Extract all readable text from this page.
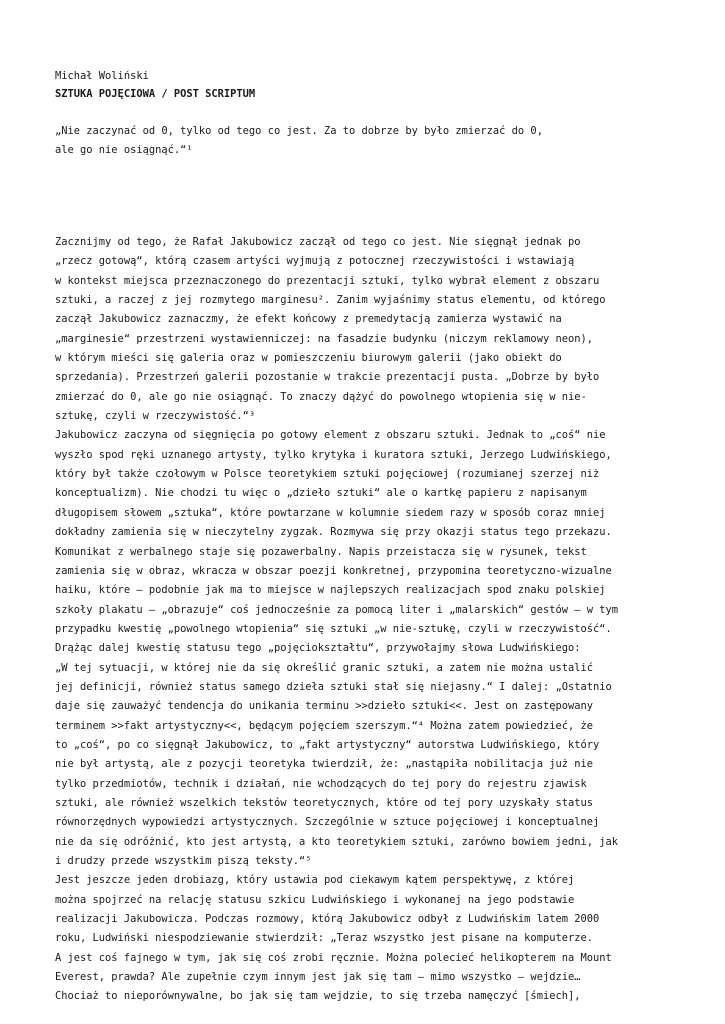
Michał Woliński
SZTUKA POJĘCIOWA / POST SCRIPTUM
„Nie zaczynać od 0, tylko od tego co jest. Za to dobrze by było zmierzać do 0,
ale go nie osiągnąć.“¹
Zacznijmy od tego, że Rafał Jakubowicz zaczął od tego co jest. Nie sięgnął jednak po
„rzecz gotową“, którą czasem artyści wyjmują z potocznej rzeczywistości i wstawiają
w kontekst miejsca przeznaczonego do prezentacji sztuki, tylko wybrał element z obszaru
sztuki, a raczej z jej rozmytego marginesu². Zanim wyjaśnimy status elementu, od którego
zaczął Jakubowicz zaznaczmy, że efekt końcowy z premedytacją zamierza wystawić na
„marginesie“ przestrzeni wystawienniczej: na fasadzie budynku (niczym reklamowy neon),
w którym mieści się galeria oraz w pomieszczeniu biurowym galerii (jako obiekt do
sprzedania). Przestrzeń galerii pozostanie w trakcie prezentacji pusta. „Dobrze by było
zmierzać do 0, ale go nie osiągnąć. To znaczy dążyć do powolnego wtopienia się w nie-
sztukę, czyli w rzeczywistość.“³
Jakubowicz zaczyna od sięgnięcia po gotowy element z obszaru sztuki. Jednak to „coś“ nie
wyszło spod ręki uznanego artysty, tylko krytyka i kuratora sztuki, Jerzego Ludwińskiego,
który był także czołowym w Polsce teoretykiem sztuki pojęciowej (rozumianej szerzej niż
konceptualizm). Nie chodzi tu więc o „dzieło sztuki“ ale o kartkę papieru z napisanym
długopisem słowem „sztuka“, które powtarzane w kolumnie siedem razy w sposób coraz mniej
dokładny zamienia się w nieczytelny zygzak. Rozmywa się przy okazji status tego przekazu.
Komunikat z werbalnego staje się pozawerbalny. Napis przeistacza się w rysunek, tekst
zamienia się w obraz, wkracza w obszar poezji konkretnej, przypomina teoretyczno-wizualne
haiku, które — podobnie jak ma to miejsce w najlepszych realizacjach spod znaku polskiej
szkoły plakatu — „obrazuje“ coś jednocześnie za pomocą liter i „malarskich“ gestów — w tym
przypadku kwestię „powolnego wtopienia“ się sztuki „w nie-sztukę, czyli w rzeczywistość“.
Drążąc dalej kwestię statusu tego „pojęciokształtu“, przywołajmy słowa Ludwińskiego:
„W tej sytuacji, w której nie da się określić granic sztuki, a zatem nie można ustalić
jej definicji, również status samego dzieła sztuki stał się niejasny.“ I dalej: „Ostatnio
daje się zauważyć tendencja do unikania terminu >>dzieło sztuki<<. Jest on zastępowany
terminem >>fakt artystyczny<<, będącym pojęciem szerszym.“⁴ Można zatem powiedzieć, że
to „coś“, po co sięgnął Jakubowicz, to „fakt artystyczny“ autorstwa Ludwińskiego, który
nie był artystą, ale z pozycji teoretyka twierdził, że: „nastąpiła nobilitacja już nie
tylko przedmiotów, technik i działań, nie wchodzących do tej pory do rejestru zjawisk
sztuki, ale również wszelkich tekstów teoretycznych, które od tej pory uzyskały status
równorzędnych wypowiedzi artystycznych. Szczególnie w sztuce pojęciowej i konceptualnej
nie da się odróżnić, kto jest artystą, a kto teoretykiem sztuki, zarówno bowiem jedni, jak
i drudzy przede wszystkim piszą teksty.“⁵
Jest jeszcze jeden drobiazg, który ustawia pod ciekawym kątem perspektywę, z której
można spojrzeć na relację statusu szkicu Ludwińskiego i wykonanej na jego podstawie
realizacji Jakubowicza. Podczas rozmowy, którą Jakubowicz odbył z Ludwińskim latem 2000
roku, Ludwiński niespodziewanie stwierdził: „Teraz wszystko jest pisane na komputerze.
A jest coś fajnego w tym, jak się coś zrobi ręcznie. Można polecieć helikopterem na Mount
Everest, prawda? Ale zupełnie czym innym jest jak się tam — mimo wszystko — wejdzie…
Chociaż to nieporównywalne, bo jak się tam wejdzie, to się trzeba namęczyć [śmiech],
